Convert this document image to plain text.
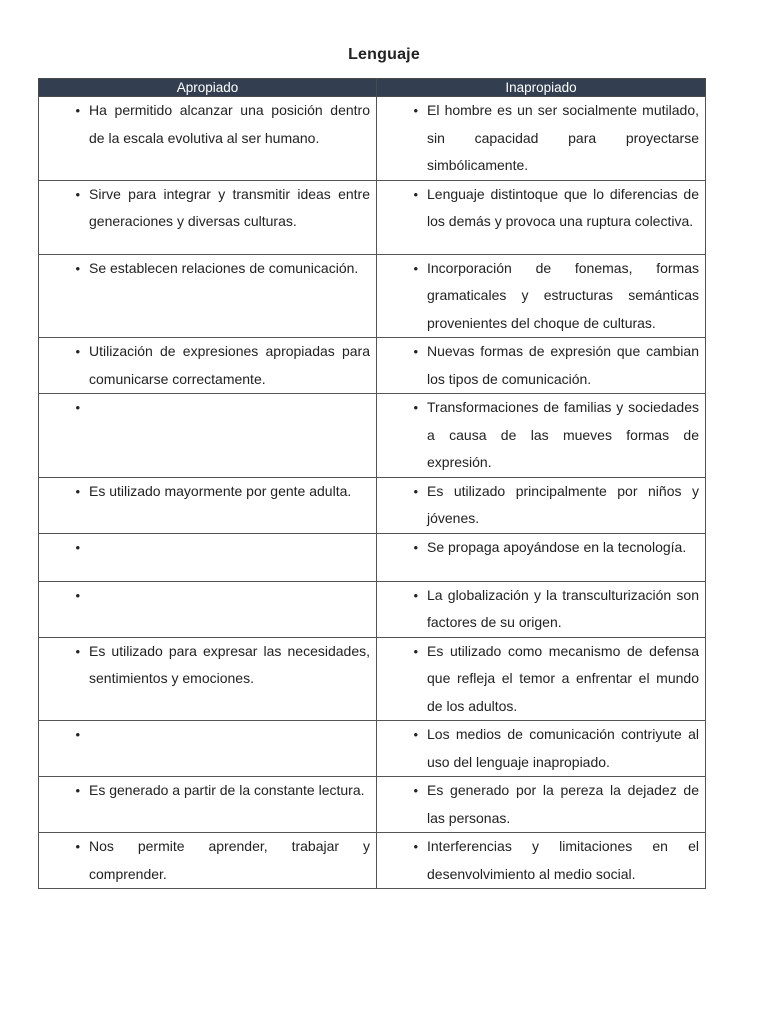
Lenguaje
Apropiado	Inapropiado

• Ha permitido alcanzar una posición dentro de la escala evolutiva al ser humano.	• El hombre es un ser socialmente mutilado, sin capacidad para proyectarse simbólicamente.

• Sirve para integrar y transmitir ideas entre generaciones y diversas culturas.	• Lenguaje distintoque que lo diferencias de los demás y provoca una ruptura colectiva.

• Se establecen relaciones de comunicación.	• Incorporación de fonemas, formas gramaticales y estructuras semánticas provenientes del choque de culturas.

• Utilización de expresiones apropiadas para comunicarse correctamente.	• Nuevas formas de expresión que cambian los tipos de comunicación.

•	• Transformaciones de familias y sociedades a causa de las mueves formas de expresión.

• Es utilizado mayormente por gente adulta.	• Es utilizado principalmente por niños y jóvenes.

•	• Se propaga apoyándose en la tecnología.

•	• La globalización y la transculturización son factores de su origen.

• Es utilizado para expresar las necesidades, sentimientos y emociones.	• Es utilizado como mecanismo de defensa que refleja el temor a enfrentar el mundo de los adultos.

•	• Los medios de comunicación contriyute al uso del lenguaje inapropiado.

• Es generado a partir de la constante lectura.	• Es generado por la pereza la dejadez de las personas.

• Nos permite aprender, trabajar y comprender.	• Interferencias y limitaciones en el desenvolvimiento al medio social.
